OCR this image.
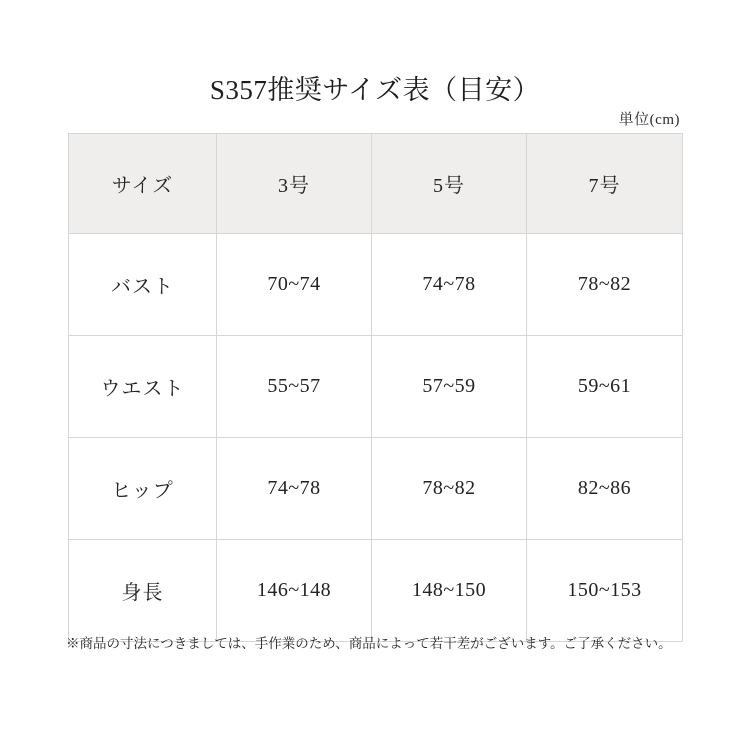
S357推奨サイズ表（目安）
単位(cm)
サイズ	3号	5号	7号
バスト	70~74	74~78	78~82
ウエスト	55~57	57~59	59~61
ヒップ	74~78	78~82	82~86
身長	146~148	148~150	150~153
※商品の寸法につきましては、手作業のため、商品によって若干差がございます。ご了承ください。
